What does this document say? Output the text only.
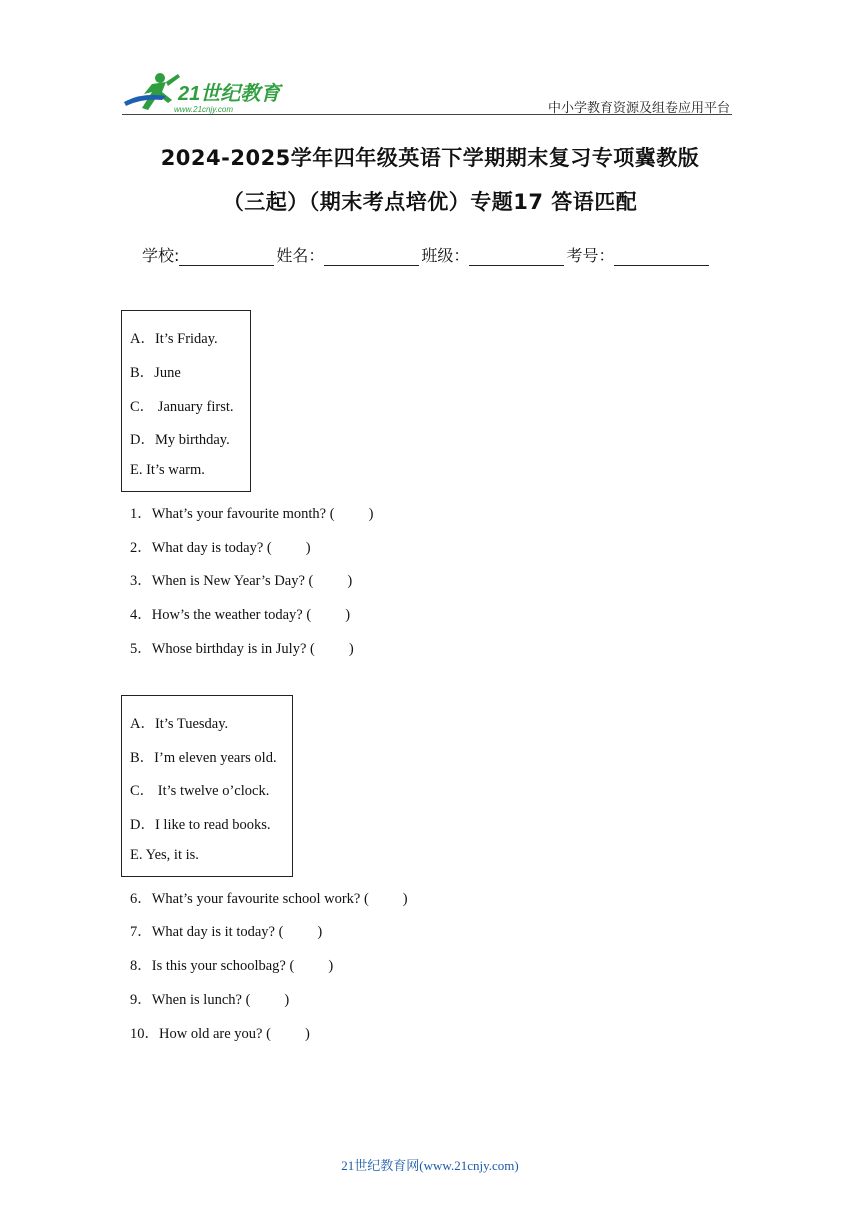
21世纪教育
www.21cnjy.com	中小学教育资源及组卷应用平台
2024-2025学年四年级英语下学期期末复习专项冀教版
（三起）（期末考点培优）专题17 答语匹配
学校:	姓名：	班级：	考号：
A．It’s Friday.
B．June
C． January first.
D．My birthday.
E. It’s warm.
1．What’s your favourite month? ( )
2．What day is today? ( )
3．When is New Year’s Day? ( )
4．How’s the weather today? ( )
5．Whose birthday is in July? ( )
A．It’s Tuesday.
B．I’m eleven years old.
C． It’s twelve o’clock.
D．I like to read books.
E. Yes, it is.
6．What’s your favourite school work? ( )
7．What day is it today? ( )
8．Is this your schoolbag? ( )
9．When is lunch? ( )
10．How old are you? ( )
21世纪教育网(www.21cnjy.com)
